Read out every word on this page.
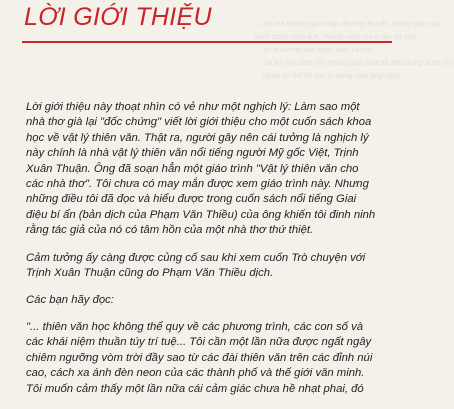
... nơi mà những ngọn tháp, thương thuyền, không gian của

bách chiến dưới ánh, chuyện nữa của ở sâu đó sinh

"...dù ta hướng bao nhiêu sao" và tính

"... lại xứ này dành cho những giây phút đã đến chúng ta thu hồi

... ngoại trừ thế bể cho tin trong chút lỏng cũng

LỜI GIỚI THIỆU

Lời giới thiệu này thoạt nhìn có vẻ như một nghịch lý: Làm sao một
nhà thơ già lại "đốc chứng" viết lời giới thiệu cho một cuốn sách khoa
học về vật lý thiên văn. Thật ra, người gây nên cái tưởng là nghịch lý
này chính là nhà vật lý thiên văn nổi tiếng người Mỹ gốc Việt, Trịnh
Xuân Thuận. Ông đã soạn hẳn một giáo trình "Vật lý thiên văn cho
các nhà thơ". Tôi chưa có may mắn được xem giáo trình này. Nhưng
những điều tôi đã đọc và hiểu được trong cuốn sách nổi tiếng Giai
điệu bí ẩn (bản dịch của Phạm Văn Thiều) của ông khiến tôi đinh ninh
rằng tác giả của nó có tâm hồn của một nhà thơ thứ thiệt.

Cảm tưởng ấy càng được củng cố sau khi xem cuốn Trò chuyện với
Trịnh Xuân Thuận cũng do Phạm Văn Thiều dịch.

Các bạn hãy đọc:

"... thiên văn học không thể quy về các phương trình, các con số và
các khái niệm thuần túy trí tuệ... Tôi cần một lần nữa được ngất ngây
chiêm ngưỡng vòm trời đầy sao từ các đài thiên văn trên các đỉnh núi
cao, cách xa ánh đèn neon của các thành phố và thế giới văn minh.
Tôi muốn cảm thấy một lần nữa cái cảm giác chưa hề nhạt phai, đó
